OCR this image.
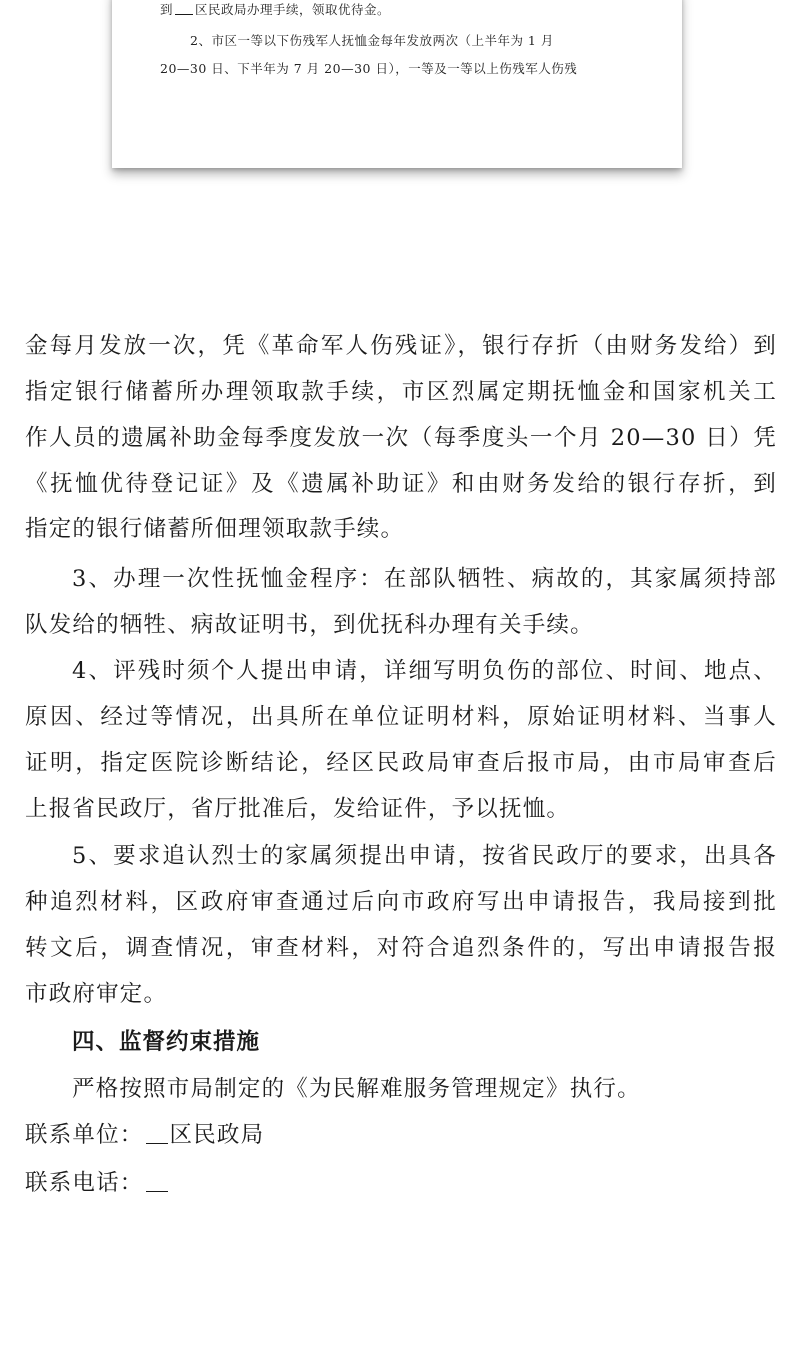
到 区民政局办理手续，领取优待金。
2、市区一等以下伤残军人抚恤金每年发放两次（上半年为 1 月
20—30 日、下半年为 7 月 20—30 日），一等及一等以上伤残军人伤残
金每月发放一次，凭《革命军人伤残证》，银行存折（由财务发给）到
指定银行储蓄所办理领取款手续，市区烈属定期抚恤金和国家机关工
作人员的遗属补助金每季度发放一次（每季度头一个月 20—30 日）凭
《抚恤优待登记证》及《遗属补助证》和由财务发给的银行存折，到
指定的银行储蓄所佃理领取款手续。
3、办理一次性抚恤金程序：在部队牺牲、病故的，其家属须持部
队发给的牺牲、病故证明书，到优抚科办理有关手续。
4、评残时须个人提出申请，详细写明负伤的部位、时间、地点、
原因、经过等情况，出具所在单位证明材料，原始证明材料、当事人
证明，指定医院诊断结论，经区民政局审查后报市局，由市局审查后
上报省民政厅，省厅批准后，发给证件，予以抚恤。
5、要求追认烈士的家属须提出申请，按省民政厅的要求，出具各
种追烈材料，区政府审查通过后向市政府写出申请报告，我局接到批
转文后，调查情况，审查材料，对符合追烈条件的，写出申请报告报
市政府审定。
四、监督约束措施
严格按照市局制定的《为民解难服务管理规定》执行。
联系单位： 区民政局
联系电话：
